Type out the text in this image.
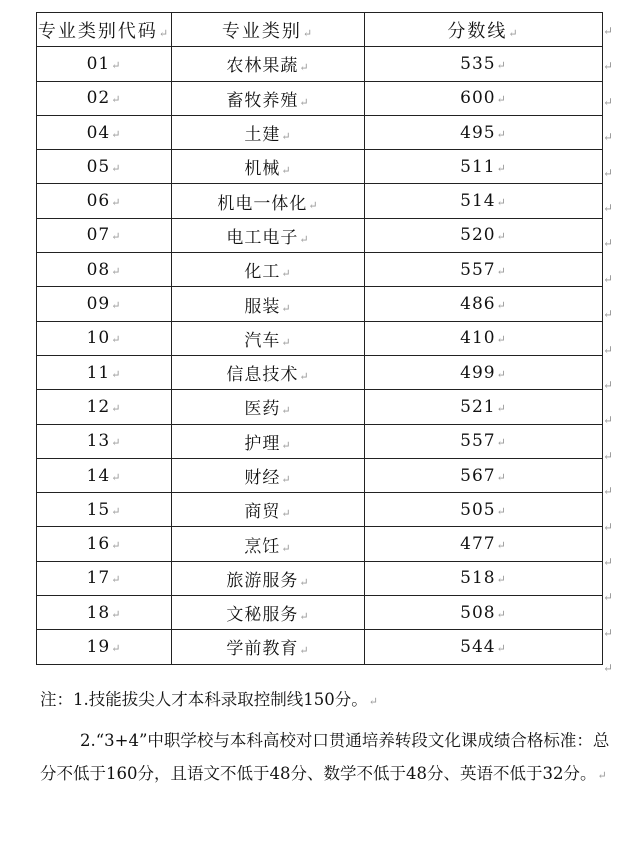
专业类别代码↵	专业类别↵	分数线↵
01↵	农林果蔬↵	535↵
02↵	畜牧养殖↵	600↵
04↵	土建↵	495↵
05↵	机械↵	511↵
06↵	机电一体化↵	514↵
07↵	电工电子↵	520↵
08↵	化工↵	557↵
09↵	服装↵	486↵
10↵	汽车↵	410↵
11↵	信息技术↵	499↵
12↵	医药↵	521↵
13↵	护理↵	557↵
14↵	财经↵	567↵
15↵	商贸↵	505↵
16↵	烹饪↵	477↵
17↵	旅游服务↵	518↵
18↵	文秘服务↵	508↵
19↵	学前教育↵	544↵
↵
↵
↵
↵
↵
↵
↵
↵
↵
↵
↵
↵
↵
↵
↵
↵
↵
↵
↵

注：1.技能拔尖人才本科录取控制线150分。↵

2.“3+4”中职学校与本科高校对口贯通培养转段文化课成绩合格标准：总分不低于160分，且语文不低于48分、数学不低于48分、英语不低于32分。↵
